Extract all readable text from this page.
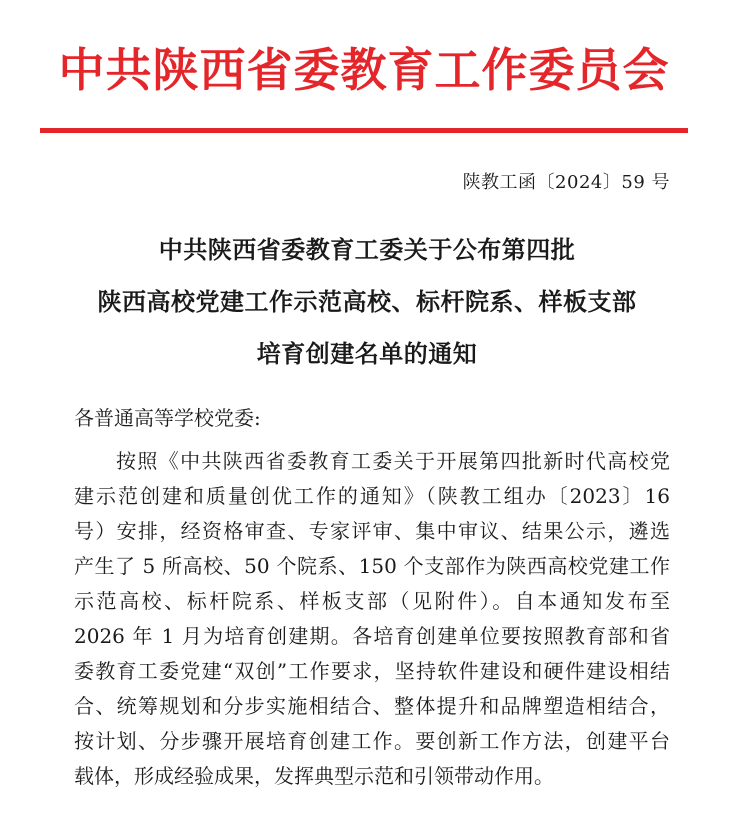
中共陕西省委教育工作委员会
陕教工函〔2024〕59 号
中共陕西省委教育工委关于公布第四批
陕西高校党建工作示范高校、标杆院系、样板支部
培育创建名单的通知
各普通高等学校党委:
按照《中共陕西省委教育工委关于开展第四批新时代高校党
建示范创建和质量创优工作的通知》（陕教工组办〔2023〕16
号）安排，经资格审查、专家评审、集中审议、结果公示，遴选
产生了 5 所高校、50 个院系、150 个支部作为陕西高校党建工作
示范高校、标杆院系、样板支部（见附件）。自本通知发布至
2026 年 1 月为培育创建期。各培育创建单位要按照教育部和省
委教育工委党建“双创”工作要求，坚持软件建设和硬件建设相结
合、统筹规划和分步实施相结合、整体提升和品牌塑造相结合，
按计划、分步骤开展培育创建工作。要创新工作方法，创建平台
载体，形成经验成果，发挥典型示范和引领带动作用。
